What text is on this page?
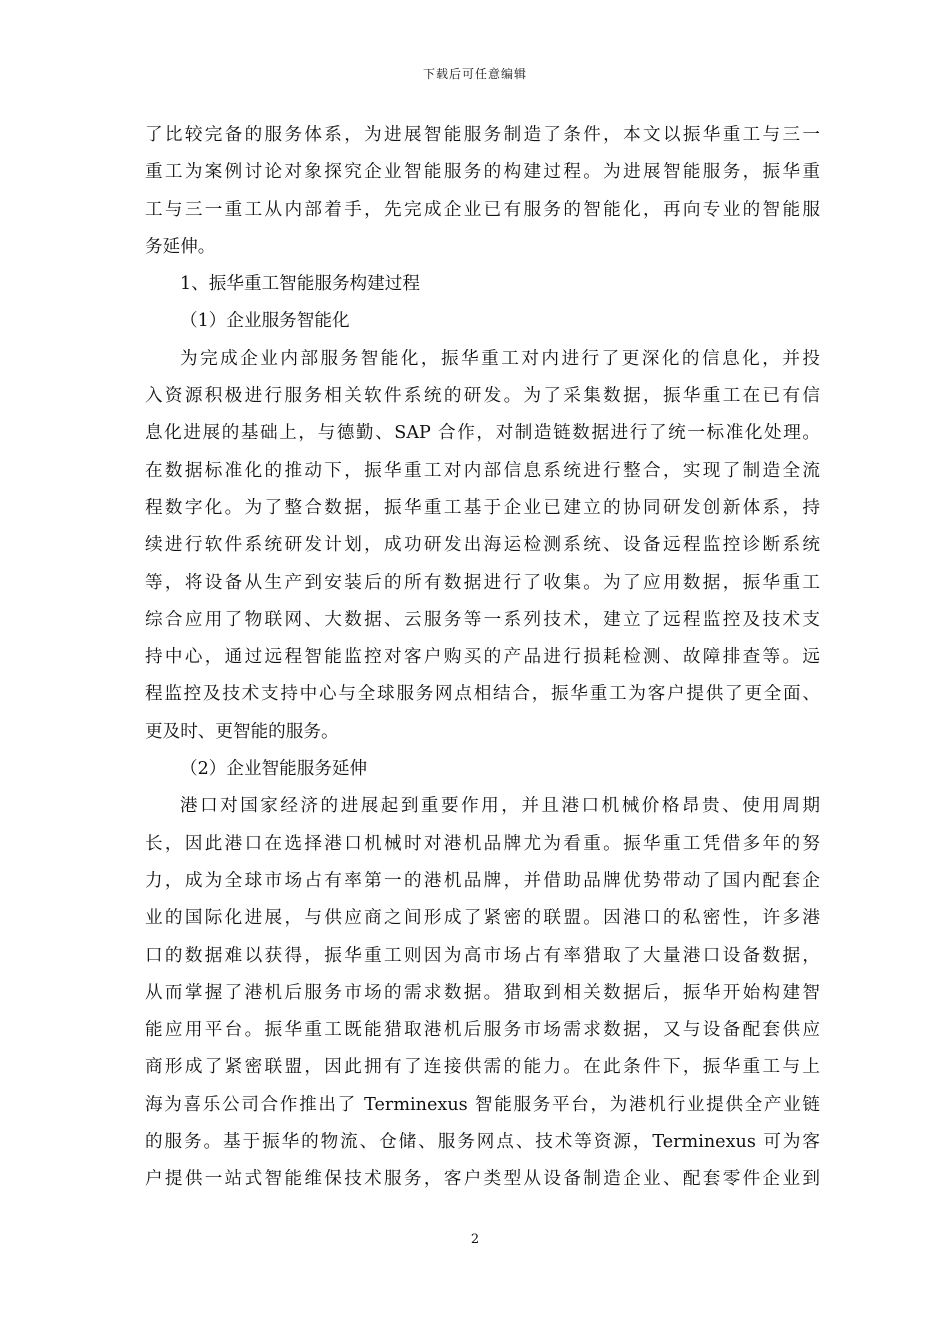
下载后可任意编辑
了比较完备的服务体系，为进展智能服务制造了条件，本文以振华重工与三一
重工为案例讨论对象探究企业智能服务的构建过程。为进展智能服务，振华重
工与三一重工从内部着手，先完成企业已有服务的智能化，再向专业的智能服
务延伸。
1、振华重工智能服务构建过程
（1）企业服务智能化
为完成企业内部服务智能化，振华重工对内进行了更深化的信息化，并投
入资源积极进行服务相关软件系统的研发。为了采集数据，振华重工在已有信
息化进展的基础上，与德勤、SAP 合作，对制造链数据进行了统一标准化处理。
在数据标准化的推动下，振华重工对内部信息系统进行整合，实现了制造全流
程数字化。为了整合数据，振华重工基于企业已建立的协同研发创新体系，持
续进行软件系统研发计划，成功研发出海运检测系统、设备远程监控诊断系统
等，将设备从生产到安装后的所有数据进行了收集。为了应用数据，振华重工
综合应用了物联网、大数据、云服务等一系列技术，建立了远程监控及技术支
持中心，通过远程智能监控对客户购买的产品进行损耗检测、故障排查等。远
程监控及技术支持中心与全球服务网点相结合，振华重工为客户提供了更全面、
更及时、更智能的服务。
（2）企业智能服务延伸
港口对国家经济的进展起到重要作用，并且港口机械价格昂贵、使用周期
长，因此港口在选择港口机械时对港机品牌尤为看重。振华重工凭借多年的努
力，成为全球市场占有率第一的港机品牌，并借助品牌优势带动了国内配套企
业的国际化进展，与供应商之间形成了紧密的联盟。因港口的私密性，许多港
口的数据难以获得，振华重工则因为高市场占有率猎取了大量港口设备数据，
从而掌握了港机后服务市场的需求数据。猎取到相关数据后，振华开始构建智
能应用平台。振华重工既能猎取港机后服务市场需求数据，又与设备配套供应
商形成了紧密联盟，因此拥有了连接供需的能力。在此条件下，振华重工与上
海为喜乐公司合作推出了 Terminexus 智能服务平台，为港机行业提供全产业链
的服务。基于振华的物流、仓储、服务网点、技术等资源，Terminexus 可为客
户提供一站式智能维保技术服务，客户类型从设备制造企业、配套零件企业到
2
